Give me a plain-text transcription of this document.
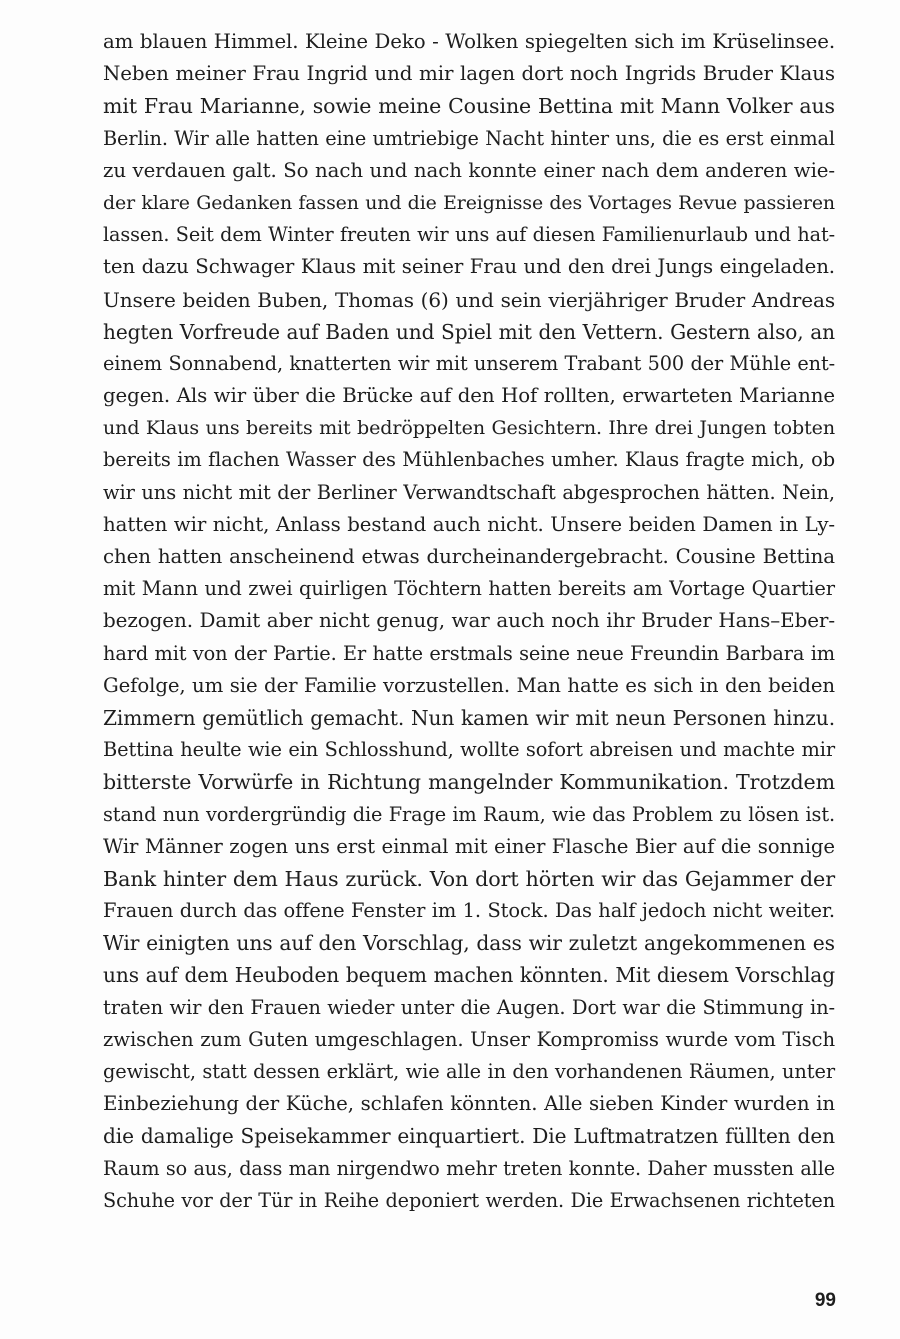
am blauen Himmel. Kleine Deko - Wolken spiegelten sich im Krüselinsee.
Neben meiner Frau Ingrid und mir lagen dort noch Ingrids Bruder Klaus
mit Frau Marianne, sowie meine Cousine Bettina mit Mann Volker aus
Berlin. Wir alle hatten eine umtriebige Nacht hinter uns, die es erst einmal
zu verdauen galt. So nach und nach konnte einer nach dem anderen wie-
der klare Gedanken fassen und die Ereignisse des Vortages Revue passieren
lassen. Seit dem Winter freuten wir uns auf diesen Familienurlaub und hat-
ten dazu Schwager Klaus mit seiner Frau und den drei Jungs eingeladen.
Unsere beiden Buben, Thomas (6) und sein vierjähriger Bruder Andreas
hegten Vorfreude auf Baden und Spiel mit den Vettern. Gestern also, an
einem Sonnabend, knatterten wir mit unserem Trabant 500 der Mühle ent-
gegen. Als wir über die Brücke auf den Hof rollten, erwarteten Marianne
und Klaus uns bereits mit bedröppelten Gesichtern. Ihre drei Jungen tobten
bereits im flachen Wasser des Mühlenbaches umher. Klaus fragte mich, ob
wir uns nicht mit der Berliner Verwandtschaft abgesprochen hätten. Nein,
hatten wir nicht, Anlass bestand auch nicht. Unsere beiden Damen in Ly-
chen hatten anscheinend etwas durcheinandergebracht. Cousine Bettina
mit Mann und zwei quirligen Töchtern hatten bereits am Vortage Quartier
bezogen. Damit aber nicht genug, war auch noch ihr Bruder Hans–Eber-
hard mit von der Partie. Er hatte erstmals seine neue Freundin Barbara im
Gefolge, um sie der Familie vorzustellen. Man hatte es sich in den beiden
Zimmern gemütlich gemacht. Nun kamen wir mit neun Personen hinzu.
Bettina heulte wie ein Schlosshund, wollte sofort abreisen und machte mir
bitterste Vorwürfe in Richtung mangelnder Kommunikation. Trotzdem
stand nun vordergründig die Frage im Raum, wie das Problem zu lösen ist.
Wir Männer zogen uns erst einmal mit einer Flasche Bier auf die sonnige
Bank hinter dem Haus zurück. Von dort hörten wir das Gejammer der
Frauen durch das offene Fenster im 1. Stock. Das half jedoch nicht weiter.
Wir einigten uns auf den Vorschlag, dass wir zuletzt angekommenen es
uns auf dem Heuboden bequem machen könnten. Mit diesem Vorschlag
traten wir den Frauen wieder unter die Augen. Dort war die Stimmung in-
zwischen zum Guten umgeschlagen. Unser Kompromiss wurde vom Tisch
gewischt, statt dessen erklärt, wie alle in den vorhandenen Räumen, unter
Einbeziehung der Küche, schlafen könnten. Alle sieben Kinder wurden in
die damalige Speisekammer einquartiert. Die Luftmatratzen füllten den
Raum so aus, dass man nirgendwo mehr treten konnte. Daher mussten alle
Schuhe vor der Tür in Reihe deponiert werden. Die Erwachsenen richteten
99
